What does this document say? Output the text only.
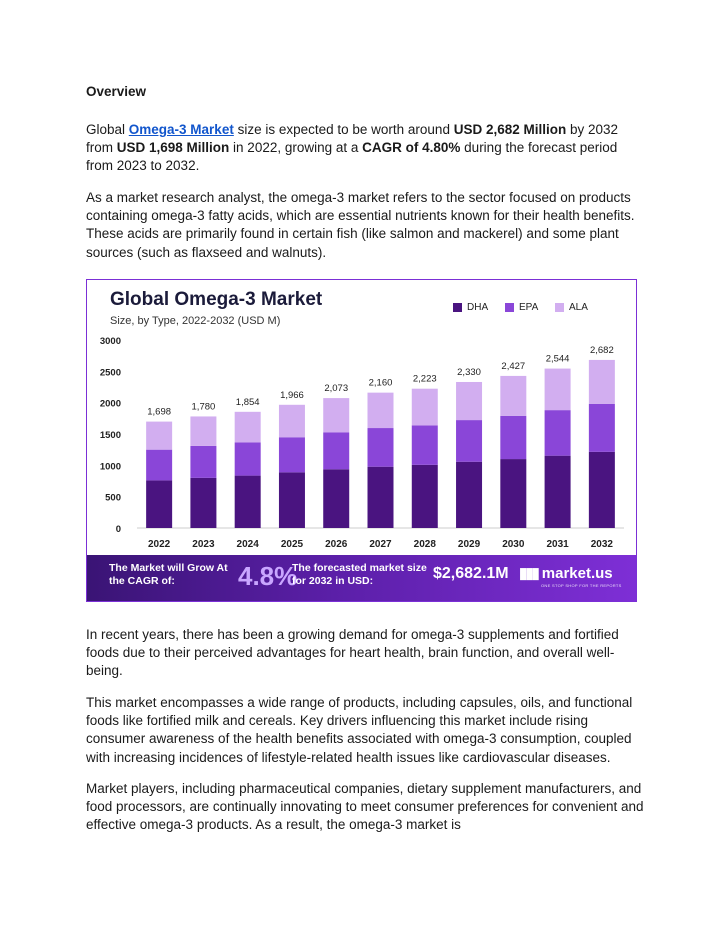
Overview

Global Omega-3 Market size is expected to be worth around USD 2,682 Million by 2032 from USD 1,698 Million in 2022, growing at a CAGR of 4.80% during the forecast period from 2023 to 2032.

As a market research analyst, the omega-3 market refers to the sector focused on products containing omega-3 fatty acids, which are essential nutrients known for their health benefits. These acids are primarily found in certain fish (like salmon and mackerel) and some plant sources (such as flaxseed and walnuts).

Global Omega-3 Market
Size, by Type, 2022-2032 (USD M)
DHA	EPA	ALA
0
500
1000
1500
2000
2500
3000
1,698
2022
1,780
2023
1,854
2024
1,966
2025
2,073
2026
2,160
2027
2,223
2028
2,330
2029
2,427
2030
2,544
2031
2,682
2032
The Market will Grow At the CAGR of:	4.8%
The forecasted market size for 2032 in USD:	$2,682.1M ▮▮▮ market.us
ONE STOP SHOP FOR THE REPORTS

In recent years, there has been a growing demand for omega-3 supplements and fortified foods due to their perceived advantages for heart health, brain function, and overall well-being.

This market encompasses a wide range of products, including capsules, oils, and functional foods like fortified milk and cereals. Key drivers influencing this market include rising consumer awareness of the health benefits associated with omega-3 consumption, coupled with increasing incidences of lifestyle-related health issues like cardiovascular diseases.

Market players, including pharmaceutical companies, dietary supplement manufacturers, and food processors, are continually innovating to meet consumer preferences for convenient and effective omega-3 products. As a result, the omega-3 market is
